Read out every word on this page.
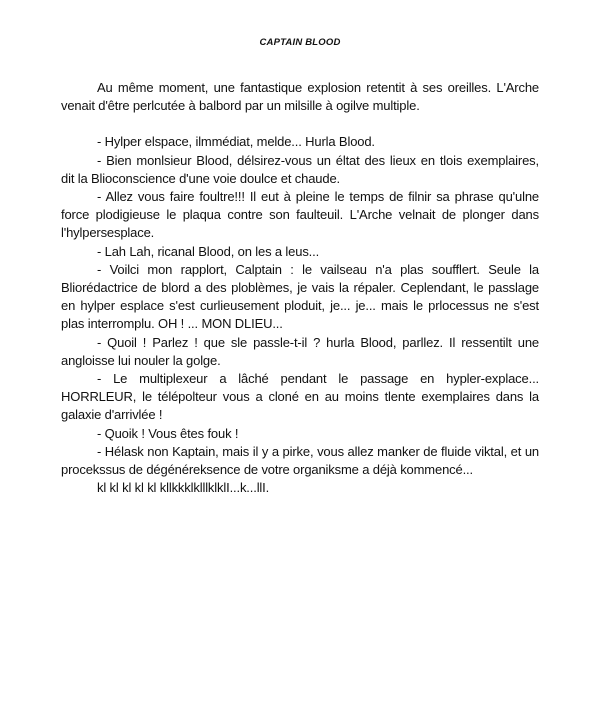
CAPTAIN BLOOD

Au même moment, une fantastique explosion retentit à ses oreilles. L'Arche venait d'être perlcutée à balbord par un milsille à ogilve multiple.

- Hylper elspace, ilmmédiat, melde... Hurla Blood.

- Bien monlsieur Blood, délsirez-vous un éltat des lieux en tlois exemplaires, dit la Blioconscience d'une voie doulce et chaude.

- Allez vous faire foultre!!! Il eut à pleine le temps de filnir sa phrase qu'ulne force plodigieuse le plaqua contre son faulteuil. L'Arche velnait de plonger dans l'hylpersesplace.

- Lah Lah, ricanal Blood, on les a leus...

- Voilci mon rapplort, Calptain : le vailseau n'a plas soufflert. Seule la Bliorédactrice de blord a des ploblèmes, je vais la répaler. Ceplendant, le passlage en hylper esplace s'est curlieusement ploduit, je... je... mais le prlocessus ne s'est plas interromplu. OH ! ... MON DLIEU...

- Quoil ! Parlez ! que sle passle-t-il ? hurla Blood, parllez. Il ressentilt une angloisse lui nouler la golge.

- Le multiplexeur a lâché pendant le passage en hypler-explace... HORRLEUR, le télépolteur vous a cloné en au moins tlente exemplaires dans la galaxie d'arrivlée !

- Quoik ! Vous êtes fouk !

- Hélask non Kaptain, mais il y a pirke, vous allez manker de fluide viktal, et un procekssus de dégénéreksence de votre organiksme a déjà kommencé...

kl kl kl kl kl kllkkklklllklklI...k...llI.
